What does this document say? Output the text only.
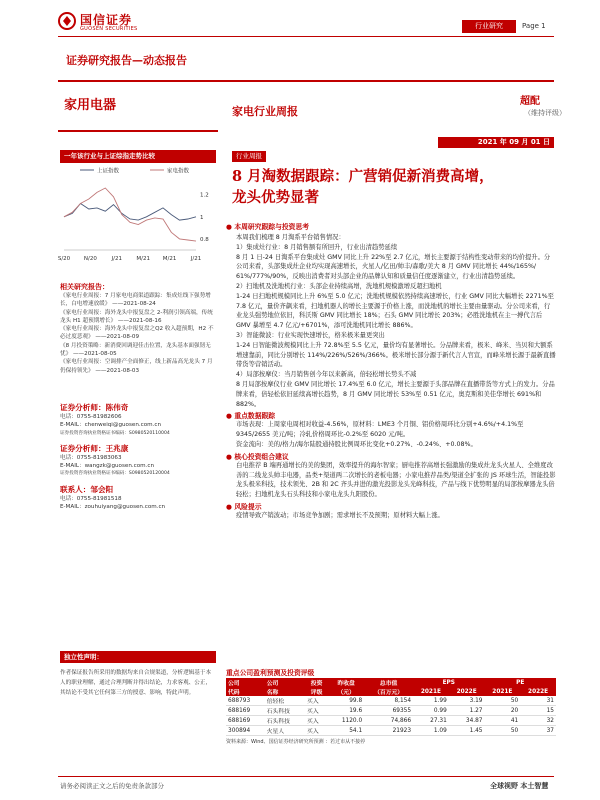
国信证券
GUOSEN SECURITIES	行业研究	Page 1
证券研究报告—动态报告
家用电器	家电行业周报
超配
（维持评级）
2021 年 09 月 01 日
一年该行业与上证综指走势比较
上证指数	家电指数
1.2
1
0.8
S/20 N/20	J/21	M/21 M/21	J/21
相关研究报告：
《家电行业周报：7 月家电电商渠道跟踪：集成灶线下强势增长，白电增速放缓》 ——2021-08-24
《家电行业周报：海外龙头中报复盘之 2-利润引领高端，传统龙头 H1 超预期增长》 ——2021-08-16
《家电行业周报：海外龙头中报复盘之Q2 收入超预期，H2 不必过度悲观》 ——2021-08-09
《8 月投资策略：新消费回调迎佳击位置，龙头基本面强韧无忧》 ——2021-08-05
《家电行业周报：空调排产全面修正，线上新品高光龙头 7 月仍保持领先》 ——2021-08-03
证券分析师：陈伟奇
电话：0755-81982606
E-MAIL：chenweiqi@guosen.com.cn
证券投资咨询执业资格证书编码：S0980520110004
证券分析师：王兆康
电话：0755-81983063
E-MAIL：wangzk@guosen.com.cn
证券投资咨询执业资格证书编码：S0980520120004
联系人：邹会阳
电话：0755-81981518
E-MAIL：zouhuiyang@guosen.com.cn
独立性声明：
作者保证报告所采用的数据均来自合规渠道，分析逻辑基于本人的职业理解，通过合理判断并得出结论，力求客观、公正，其结论不受其它任何第三方的授意、影响，特此声明。
行业周报
8 月淘数据跟踪：广营销促新消费高增，
龙头优势显著
● 本周研究跟踪与投资思考
本周我们梳理 8 月淘系平台销售情况：
1）集成灶行业：8 月销售额有所回升，行业出清趋势延续
8 月 1 日-24 日淘系平台集成灶 GMV 同比上升 22%至 2.7 亿元，增长主要源于结构性变动带来的均价提升。分公司来看，头部集成灶企业均实现高速增长，火星人/亿田/帅丰/森歌/美大 8 月 GMV 同比增长 44%/165%/ 61%/777%/90%，反映出消费者对头部企业的品牌认知和质量信任度逐渐建立，行业出清趋势延续。
2）扫地机及洗地机行业：头部企业持续高增，洗地机规模激增反超扫地机
1-24 日扫地机规模同比上升 6%至 5.0 亿元；洗地机规模依然持续高速增长，行业 GMV 同比大幅增长 2271%至 7.8 亿元，量价齐飙来看，扫地机器人的增长主要源于价格上涨，而洗地机的增长主要由量驱动。分公司来看，行业龙头强势地位依旧，科沃斯 GMV 同比增长 18%；石头 GMV 同比增长 203%；必胜洗地机在主一搏代言后 GMV 暴增至 4.7 亿元/+6701%，添可洗地机同比增长 886%。
3）智能微波：行业实现快速增长，格米极米量更突出
1-24 日智能微波规模同比上升 72.8%至 5.5 亿元，量价均有显著增长。分品牌来看，极米、峰米、当贝和大额系增速靠前，同比分别增长 114%/226%/526%/366%。极米增长部分源于新代言人官宣，而峰米增长源于最新直播带货等营销活动。
4）局部按摩仪：当月销售创今年以来新高，倍轻松增长势头不减
8 月局部按摩仪行业 GMV 同比增长 17.4%至 6.0 亿元，增长主要源于头部品牌在直播带货等方式上的发力。分品牌来看，倍轻松依旧延续高增长趋势，8 月 GMV 同比增长 53%至 0.51 亿元，奥克斯和美佳华增长 691%和 882%。
● 重点数据跟踪
市场表现：上周家电周相对收益-4.56%，原材料：LME3 个月铜、铝价格周环比分别+4.6%/+4.1%至 9345/2655 美元/吨；冷轧价格周环比-0.2%至 6020 元/吨。
资金流向：美的/格力/海尔陆股通持股比例周环比变化+0.27%、-0.24%、+0.08%。
● 核心投资组合建议
白电推荐 B 端再通增长的美的集团，效率提升的海尔智家；厨电推荐高增长强激励的集成灶龙头火星人、全维度改善的二线龙头帅丰电器，品类+渠道两二次增长的老板电器；小家电推荐品类/渠道全扩张的 JS 环球生活，智能投影龙头极米科技，技术领先、2B 和 2C 齐头并进的激光投影龙头光峰科技，产品与线下优势明显的局部按摩器龙头倍轻松；扫地机龙头石头科技和小家电龙头九阳股份。
● 风险提示
疫情导致产销波动；市场竞争加剧；需求增长不及预期；原材料大幅上涨。
重点公司盈利预测及投资评级
公司	公司	投资	昨收盘	总市值	EPS		PE	
代码	名称	评级	（元）	（百万元）	2021E	2022E	2021E	2022E
688793	倍轻松	买入	99.8	8,154	1.99	3.19	50	31
688169	石头科技	买入	19.6	69355	0.99	1.27	20	15
688169	石头科技	买入	1120.0	74,866	27.31	34.87	41	32
300894	火星人	买入	54.1	21923	1.09	1.45	50	37
资料来源：Wind、国信证券经济研究所预测 ：若过市从不接停
请务必阅读正文之后的免责条款部分	全球视野 本土智慧
